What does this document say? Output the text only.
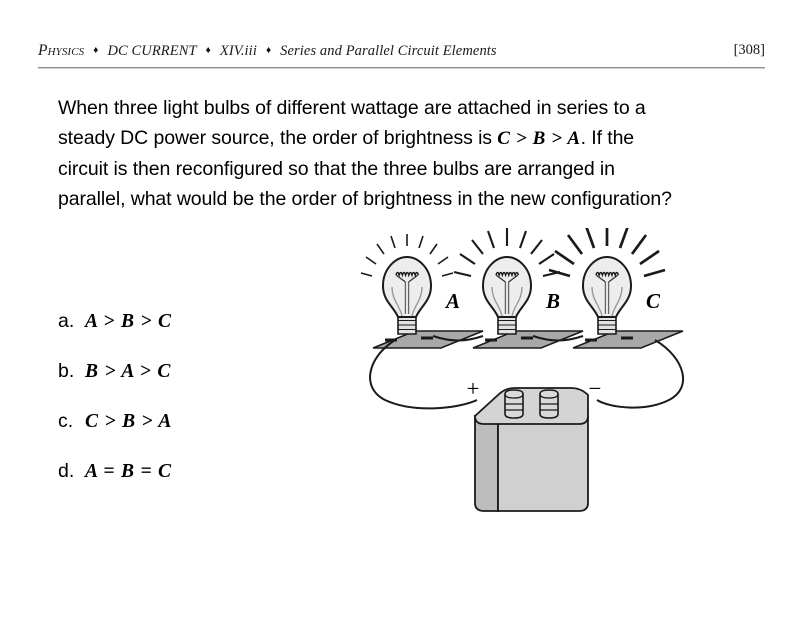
Physics ♦ DC CURRENT ♦ XIV.iii ♦ Series and Parallel Circuit Elements	[308]
When three light bulbs of different wattage are attached in series to a steady DC power source, the order of brightness is C > B > A. If the circuit is then reconfigured so that the three bulbs are arranged in parallel, what would be the order of brightness in the new configuration?
a. A > B > C
b. B > A > C
c. C > B > A
d. A = B = C
A	B	C
+	−
